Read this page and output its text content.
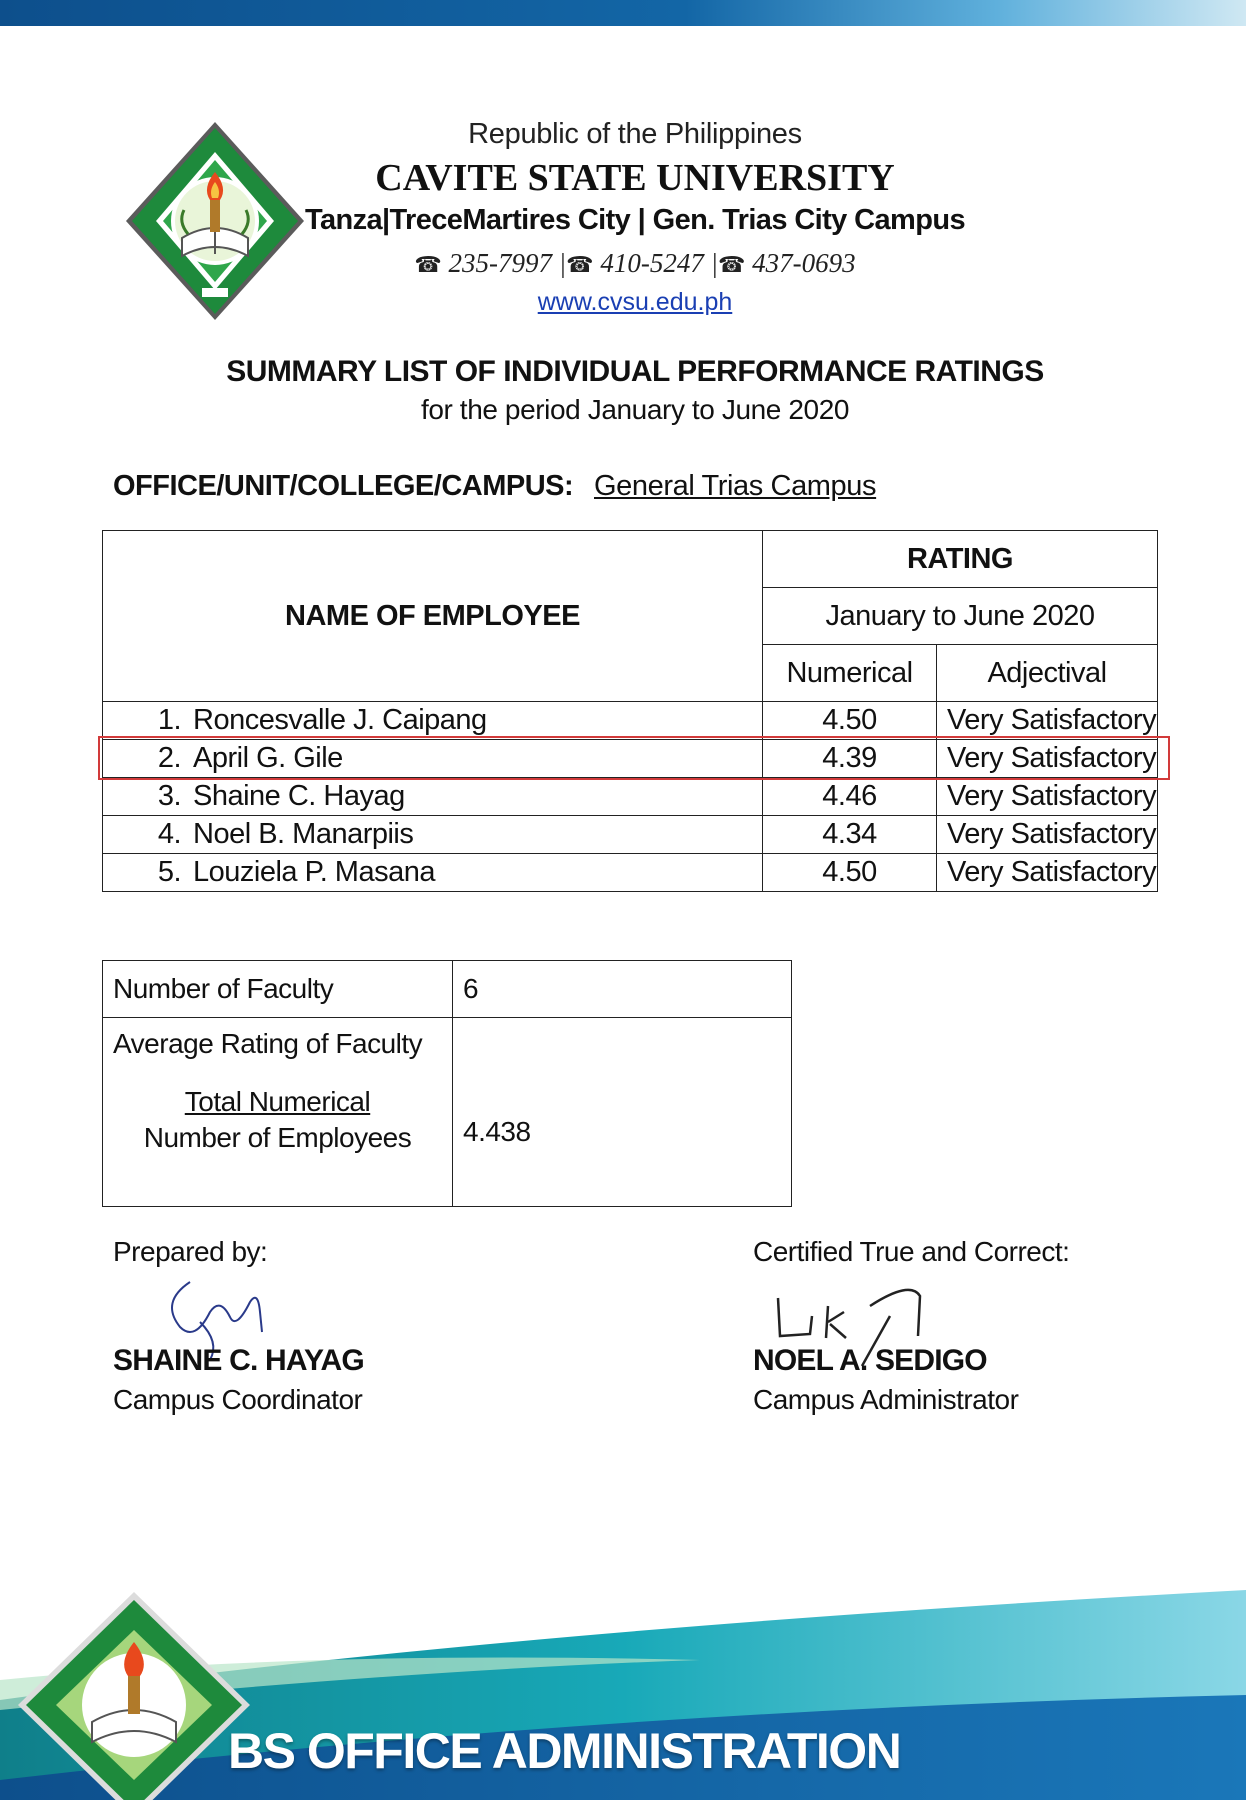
Republic of the Philippines
CAVITE STATE UNIVERSITY
Tanza|TreceMartires City | Gen. Trias City Campus
☎ 235-7997 |☎ 410-5247 |☎ 437-0693
www.cvsu.edu.ph
SUMMARY LIST OF INDIVIDUAL PERFORMANCE RATINGS
for the period January to June 2020
OFFICE/UNIT/COLLEGE/CAMPUS: General Trias Campus
NAME OF EMPLOYEE	RATING	
	January to June 2020	
	Numerical	Adjectival
1. Roncesvalle J. Caipang	4.50	Very Satisfactory
2. April G. Gile	4.39	Very Satisfactory
3. Shaine C. Hayag	4.46	Very Satisfactory
4. Noel B. Manarpiis	4.34	Very Satisfactory
5. Louziela P. Masana	4.50	Very Satisfactory
Number of Faculty	6

Average Rating of Faculty
Total Numerical
Number of Employees	4.438
Prepared by:
SHAINE C. HAYAG
Campus Coordinator
Certified True and Correct:
NOEL A. SEDIGO
Campus Administrator
BS OFFICE ADMINISTRATION
